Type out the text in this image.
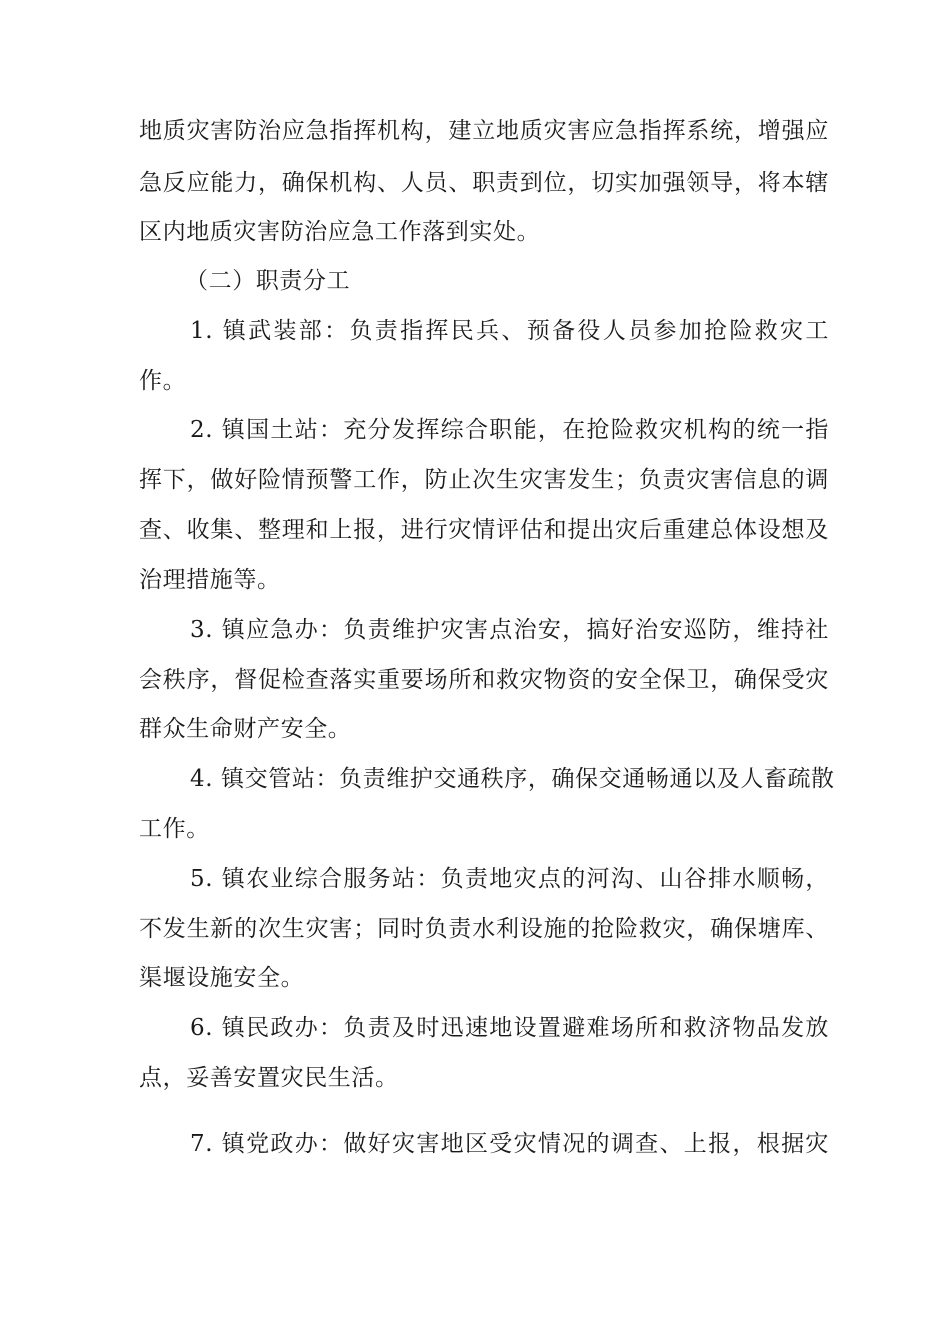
地质灾害防治应急指挥机构，建立地质灾害应急指挥系统，增强应
急反应能力，确保机构、人员、职责到位，切实加强领导，将本辖
区内地质灾害防治应急工作落到实处。
（二）职责分工
1. 镇武装部：负责指挥民兵、预备役人员参加抢险救灾工
作。
2. 镇国土站：充分发挥综合职能，在抢险救灾机构的统一指
挥下，做好险情预警工作，防止次生灾害发生；负责灾害信息的调
查、收集、整理和上报，进行灾情评估和提出灾后重建总体设想及
治理措施等。
3. 镇应急办：负责维护灾害点治安，搞好治安巡防，维持社
会秩序，督促检查落实重要场所和救灾物资的安全保卫，确保受灾
群众生命财产安全。
4. 镇交管站：负责维护交通秩序，确保交通畅通以及人畜疏散
工作。
5. 镇农业综合服务站：负责地灾点的河沟、山谷排水顺畅，
不发生新的次生灾害；同时负责水利设施的抢险救灾，确保塘库、
渠堰设施安全。
6. 镇民政办：负责及时迅速地设置避难场所和救济物品发放
点，妥善安置灾民生活。
7. 镇党政办：做好灾害地区受灾情况的调查、上报，根据灾
